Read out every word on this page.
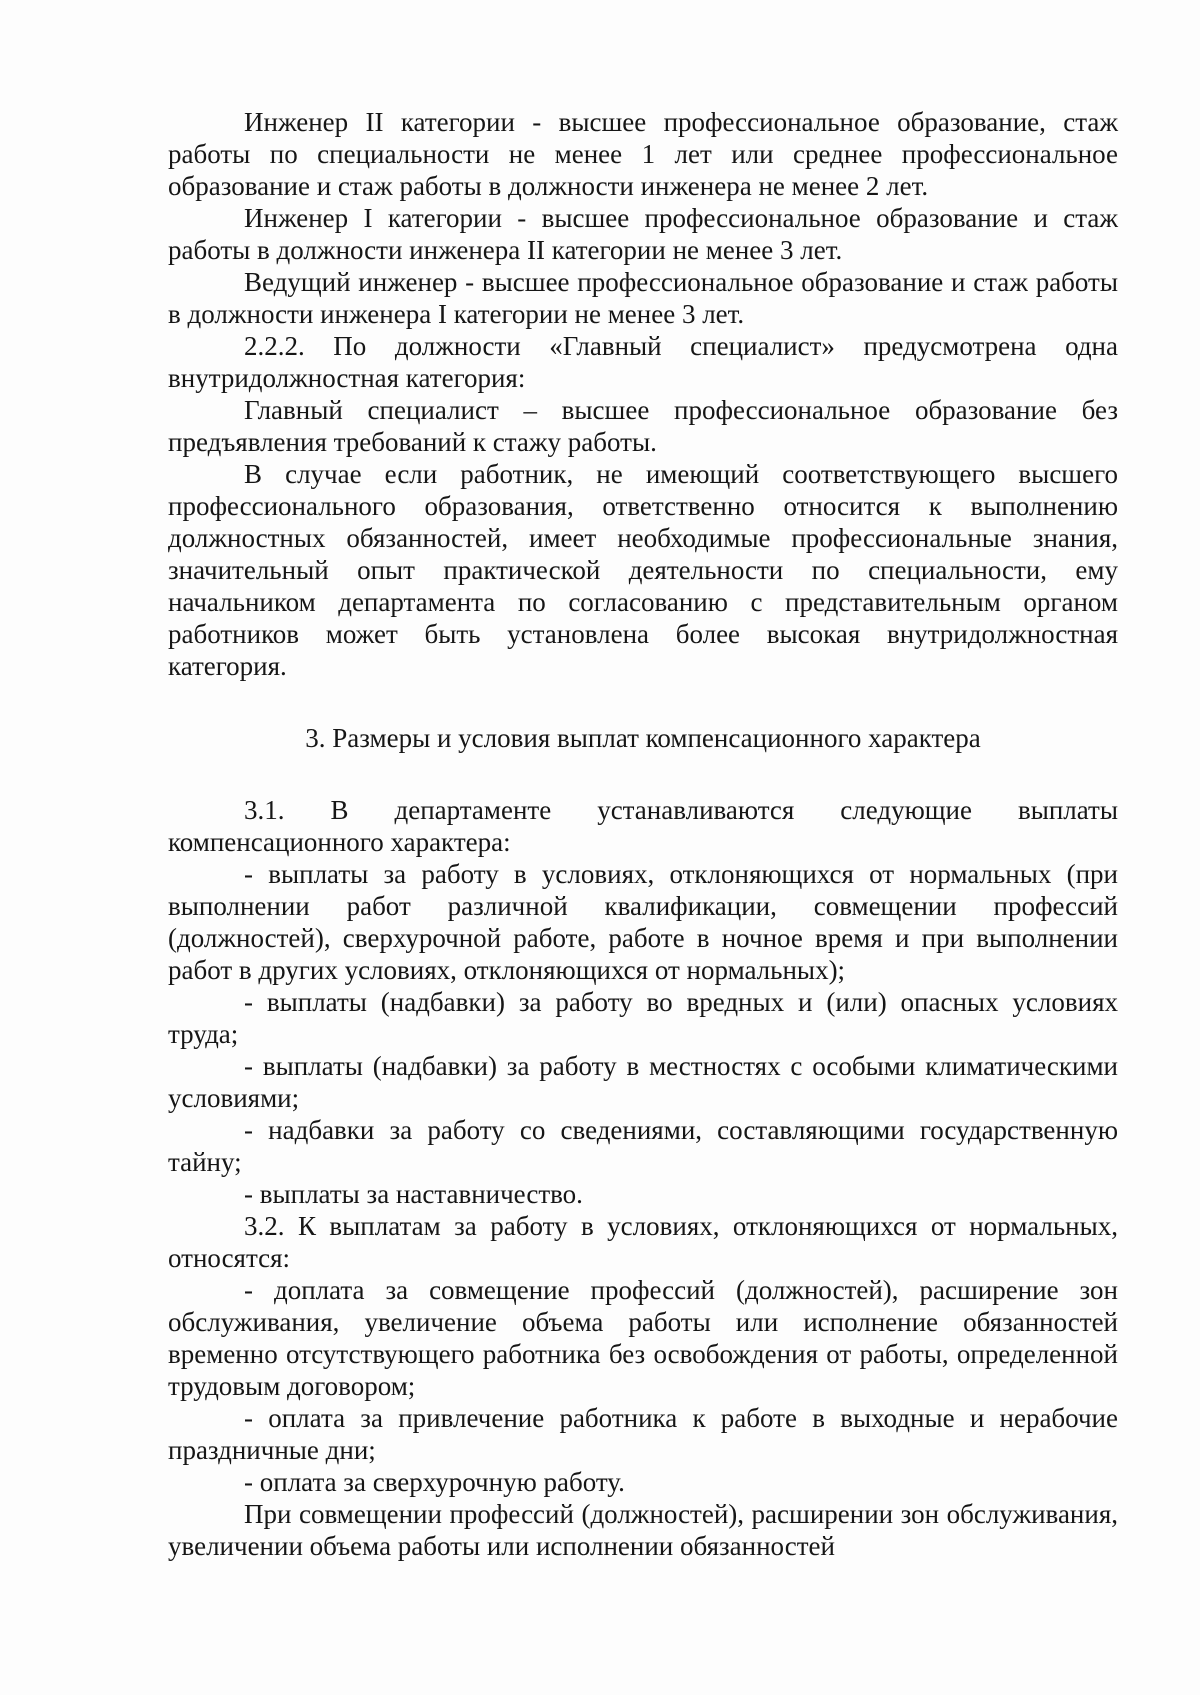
Инженер II категории - высшее профессиональное образование, стаж работы по специальности не менее 1 лет или среднее профессиональное образование и стаж работы в должности инженера не менее 2 лет.

Инженер I категории - высшее профессиональное образование и стаж работы в должности инженера II категории не менее 3 лет.

Ведущий инженер - высшее профессиональное образование и стаж работы в должности инженера I категории не менее 3 лет.

2.2.2. По должности «Главный специалист» предусмотрена одна внутридолжностная категория:

Главный специалист – высшее профессиональное образование без предъявления требований к стажу работы.

В случае если работник, не имеющий соответствующего высшего профессионального образования, ответственно относится к выполнению должностных обязанностей, имеет необходимые профессиональные знания, значительный опыт практической деятельности по специальности, ему начальником департамента по согласованию с представительным органом работников может быть установлена более высокая внутридолжностная категория.

3. Размеры и условия выплат компенсационного характера

3.1. В департаменте устанавливаются следующие выплаты компенсационного характера:

- выплаты за работу в условиях, отклоняющихся от нормальных (при выполнении работ различной квалификации, совмещении профессий (должностей), сверхурочной работе, работе в ночное время и при выполнении работ в других условиях, отклоняющихся от нормальных);

- выплаты (надбавки) за работу во вредных и (или) опасных условиях труда;

- выплаты (надбавки) за работу в местностях с особыми климатическими условиями;

- надбавки за работу со сведениями, составляющими государственную тайну;

- выплаты за наставничество.

3.2. К выплатам за работу в условиях, отклоняющихся от нормальных, относятся:

- доплата за совмещение профессий (должностей), расширение зон обслуживания, увеличение объема работы или исполнение обязанностей временно отсутствующего работника без освобождения от работы, определенной трудовым договором;

- оплата за привлечение работника к работе в выходные и нерабочие праздничные дни;

- оплата за сверхурочную работу.

При совмещении профессий (должностей), расширении зон обслуживания, увеличении объема работы или исполнении обязанностей
